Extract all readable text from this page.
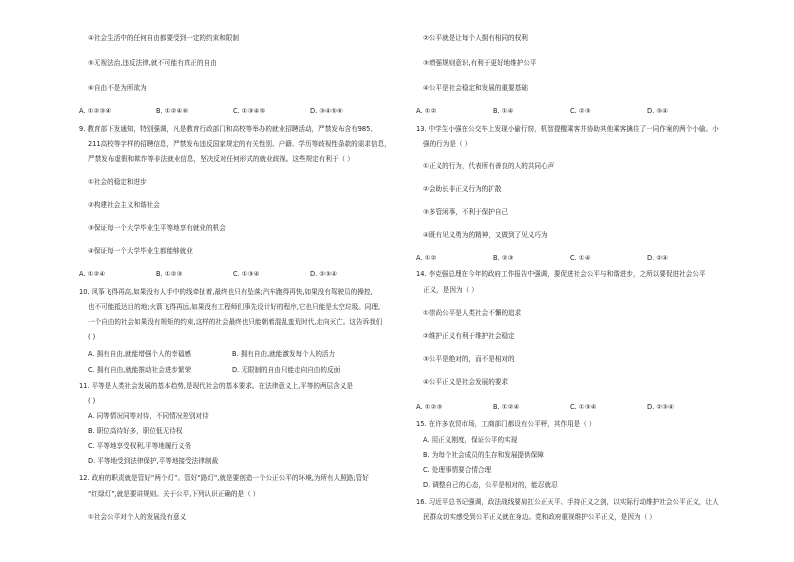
④社会生活中的任何自由都要受到一定的约束和限制
⑤无视法治,违反法律,就不可能有真正的自由
⑥自由不是为所欲为
A. ①②③④	B. ①②④⑥	C. ①③④⑤	D. ③④⑤⑥
9. 教育部下发通知，特别强调，凡是教育行政部门和高校等举办的就业招聘活动，严禁发布含有985、
211高校等字样的招聘信息，严禁发布违反国家规定的有关性别、户籍、学历等歧视性条款的需求信息，
严禁发布虚假和欺诈等非法就业信息，坚决反对任何形式的就业歧视。这些规定有利于（ ）
①社会的稳定和进步
②构建社会主义和谐社会
③保证每一个大学毕业生平等地享有就业的机会
④保证每一个大学毕业生都能够就业
A. ①②④	B. ①②③	C. ①③④	D. ②③④
10. 风筝飞得再高,如果没有人手中的线牵扯着,最终也只有坠落;汽车跑得再快,如果没有驾驶员的操控,
也不可能抵达目的地;火箭飞得再远,如果没有工程师们事先设计好的程序,它也只能是太空垃圾。同理,
一个自由的社会如果没有规矩的约束,这样的社会最终也只能朝着混乱蛮荒时代,走向灭亡。这告诉我们
( )
A. 拥有自由,就能增强个人的幸福感	B. 拥有自由,就能激发每个人的活力
C. 拥有自由,就能推动社会进步繁荣	D. 无限制的自由只能走向自由的反面
11. 平等是人类社会发展的基本趋势,是现代社会的基本要求。在法律意义上,平等的两层含义是
( )
A. 同等情况同等对待，不同情况差别对待
B. 职位高待好多，职位低无待权
C. 平等地享受权利,平等地履行义务
D. 平等地受到法律保护,平等地接受法律制裁
12. 政府的职责就是管好“两个灯”。管好“路灯”,就是要创造一个公正公平的环境,为所有人照路;管好
“红绿灯”,就是要讲规则。关于公平,下列认识正确的是（ ）
①社会公平对个人的发展没有意义
②公平就是让每个人拥有相同的权利
③增强规则意识,有利于更好地维护公平
④公平是社会稳定和发展的重要基础
A. ①②	B. ①④	C. ②③	D. ③④
13. 中学生小强在公交车上发现小偷行窃，机智提醒乘客并协助其他乘客擒住了一同作案的两个小偷。小
强的行为是（ ）
①正义的行为，代表所有善良的人的共同心声
②会助长非正义行为的扩散
③多管闲事，不利于保护自己
④既有见义勇为的精神，又做到了见义巧为
A. ①②	B. ②③	C. ①④	D. ②④
14. 李克强总理在今年的政府工作报告中强调，要促进社会公平与和谐进步，之所以要促进社会公平
正义，是因为（ ）
①崇尚公平是人类社会不懈的追求
②维护正义有利于维护社会稳定
③公平是绝对的，而不是相对的
④公平正义是社会发展的要求
A. ①②③	B. ①②④	C. ①③④	D. ②③④
15. 在许多农贸市场，工商部门都设有公平秤，其作用是（ ）
A. 用正义刚度，保证公平的实现
B. 为每个社会成员的生存和发展提供保障
C. 处理事情要合情合理
D. 调整自己的心态，公平是相对的，能忍就忍
16. 习近平总书记强调，政法战线要肩扛公正天平、手持正义之剑，以实际行动维护社会公平正义，让人
民群众切实感受到公平正义就在身边。党和政府重视维护公平正义，是因为（ ）
